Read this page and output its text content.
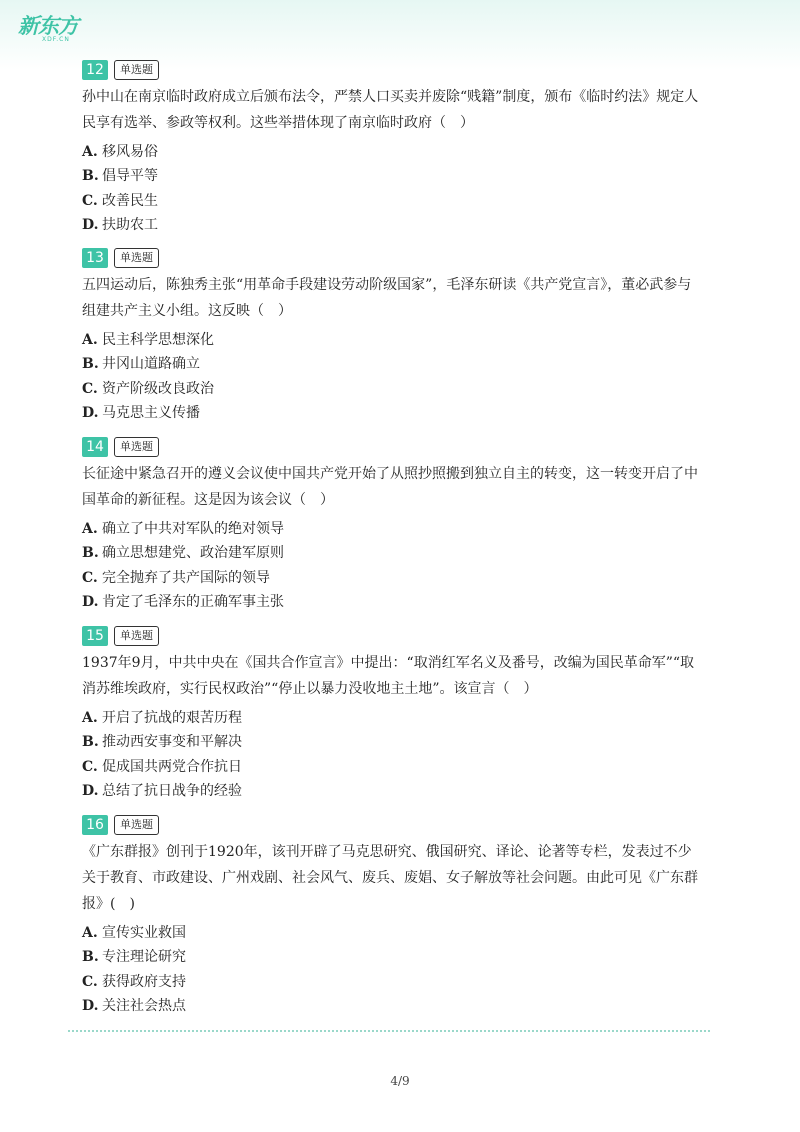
新东方
XDF.CN
12	单选题
孙中山在南京临时政府成立后颁布法令，严禁人口买卖并废除“贱籍”制度，颁布《临时约法》规定人民享有选举、参政等权利。这些举措体现了南京临时政府（　）
A. 移风易俗
B. 倡导平等
C. 改善民生
D. 扶助农工
13	单选题
五四运动后，陈独秀主张“用革命手段建设劳动阶级国家”，毛泽东研读《共产党宣言》，董必武参与组建共产主义小组。这反映（　）
A. 民主科学思想深化
B. 井冈山道路确立
C. 资产阶级改良政治
D. 马克思主义传播
14	单选题
长征途中紧急召开的遵义会议使中国共产党开始了从照抄照搬到独立自主的转变，这一转变开启了中国革命的新征程。这是因为该会议（　）
A. 确立了中共对军队的绝对领导
B. 确立思想建党、政治建军原则
C. 完全抛弃了共产国际的领导
D. 肯定了毛泽东的正确军事主张
15	单选题
1937年9月，中共中央在《国共合作宣言》中提出：“取消红军名义及番号，改编为国民革命军”“取消苏维埃政府，实行民权政治”“停止以暴力没收地主土地”。该宣言（　）
A. 开启了抗战的艰苦历程
B. 推动西安事变和平解决
C. 促成国共两党合作抗日
D. 总结了抗日战争的经验
16	单选题
《广东群报》创刊于1920年，该刊开辟了马克思研究、俄国研究、译论、论著等专栏，发表过不少关于教育、市政建设、广州戏剧、社会风气、废兵、废娼、女子解放等社会问题。由此可见《广东群报》(　)
A. 宣传实业救国
B. 专注理论研究
C. 获得政府支持
D. 关注社会热点
4/9
